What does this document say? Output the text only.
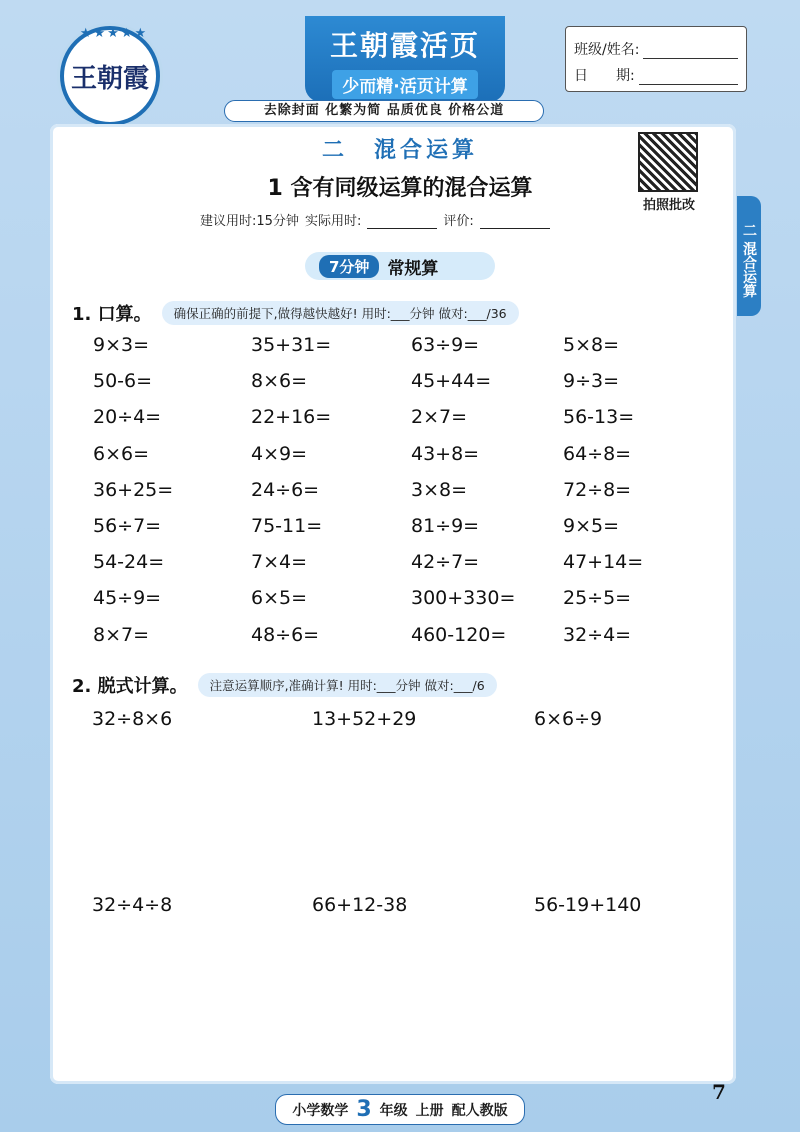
★★★★★
王朝霞
王朝霞活页
少而精·活页计算
班级/姓名:
日　　期:
去除封面 化繁为简 品质优良 价格公道
二 混合运算
拍照批改
二　混合运算
1 含有同级运算的混合运算
建议用时:15分钟 实际用时:	评价:
7分钟	常规算
1. 口算。	确保正确的前提下,做得越快越好! 用时:___分钟 做对:___/36
9×3=	35+31=	63÷9=	5×8=
50-6=	8×6=	45+44=	9÷3=
20÷4=	22+16=	2×7=	56-13=
6×6=	4×9=	43+8=	64÷8=
36+25=	24÷6=	3×8=	72÷8=
56÷7=	75-11=	81÷9=	9×5=
54-24=	7×4=	42÷7=	47+14=
45÷9=	6×5=	300+330=	25÷5=
8×7=	48÷6=	460-120=	32÷4=
2. 脱式计算。	注意运算顺序,准确计算! 用时:___分钟 做对:___/6
32÷8×6	13+52+29	6×6÷9
32÷4÷8	66+12-38	56-19+140
小学数学 3 年级 上册 配人教版
7
